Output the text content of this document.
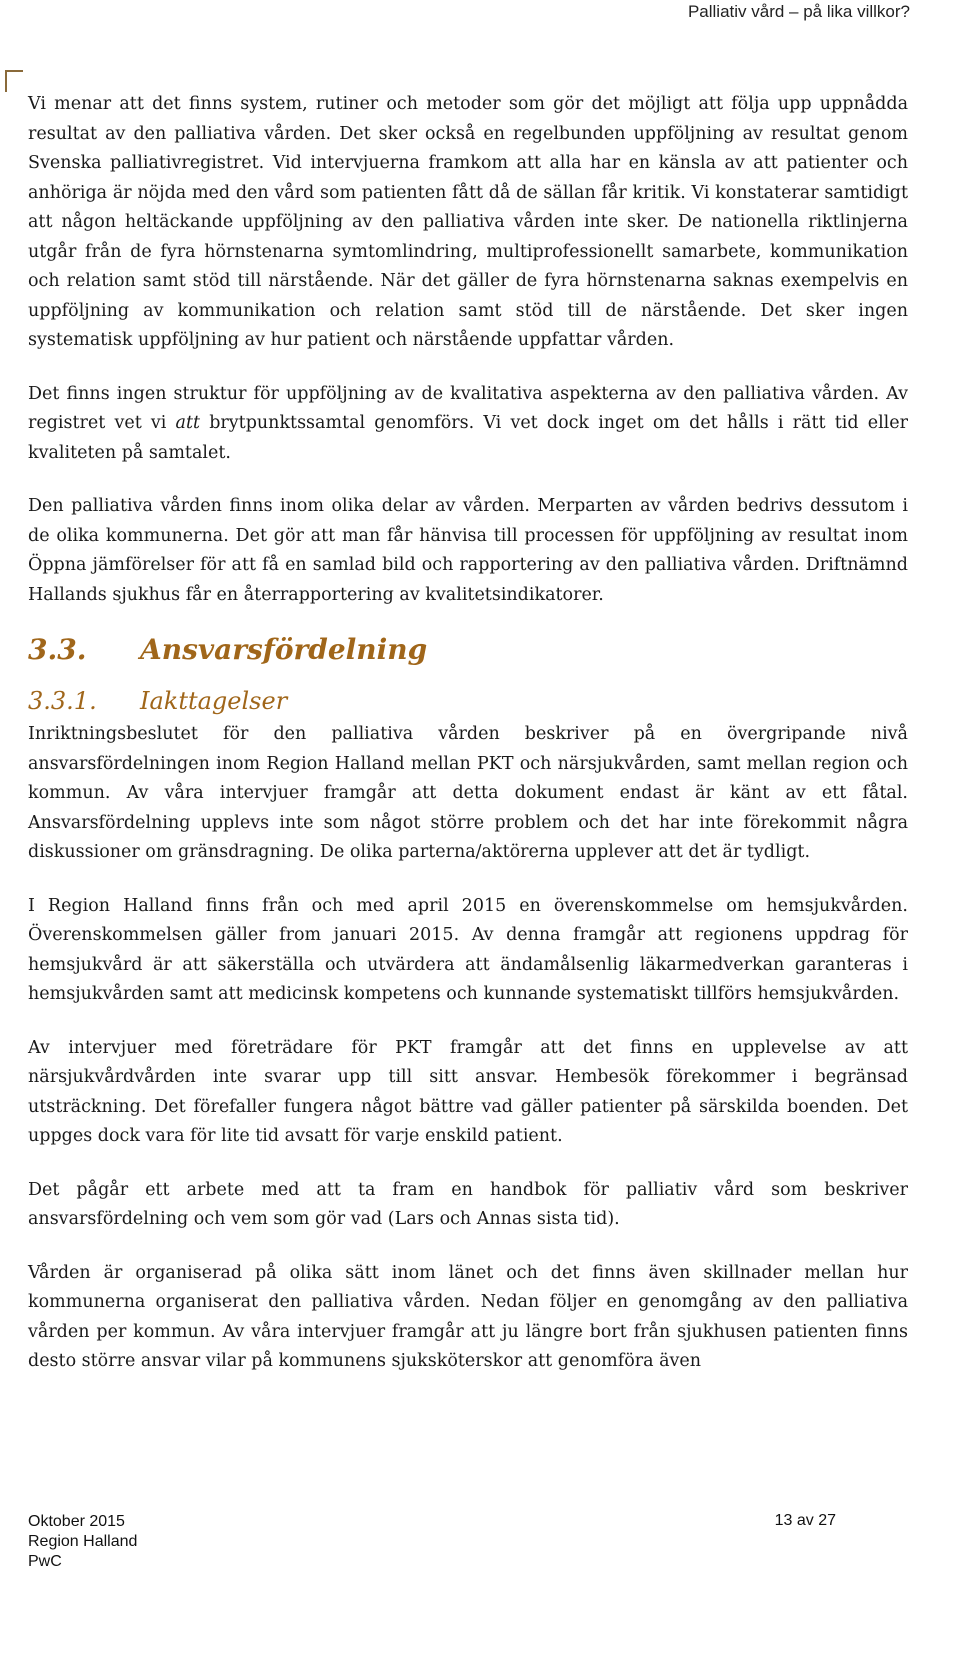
Palliativ vård – på lika villkor?

Vi menar att det finns system, rutiner och metoder som gör det möjligt att följa upp uppnådda resultat av den palliativa vården. Det sker också en regelbunden uppföljning av resultat genom Svenska palliativregistret. Vid intervjuerna framkom att alla har en känsla av att patienter och anhöriga är nöjda med den vård som patienten fått då de sällan får kritik. Vi konstaterar samtidigt att någon heltäckande uppföljning av den palliativa vården inte sker. De nationella riktlinjerna utgår från de fyra hörnstenarna symtomlindring, multiprofessionellt samarbete, kommunikation och relation samt stöd till närstående. När det gäller de fyra hörnstenarna saknas exempelvis en uppföljning av kommunikation och relation samt stöd till de närstående. Det sker ingen systematisk uppföljning av hur patient och närstående uppfattar vården.

Det finns ingen struktur för uppföljning av de kvalitativa aspekterna av den palliativa vården. Av registret vet vi att brytpunktssamtal genomförs. Vi vet dock inget om det hålls i rätt tid eller kvaliteten på samtalet.

Den palliativa vården finns inom olika delar av vården. Merparten av vården bedrivs dessutom i de olika kommunerna. Det gör att man får hänvisa till processen för uppföljning av resultat inom Öppna jämförelser för att få en samlad bild och rapportering av den palliativa vården. Driftnämnd Hallands sjukhus får en återrapportering av kvalitetsindikatorer.

3.3.	Ansvarsfördelning
3.3.1.	Iakttagelser

Inriktningsbeslutet för den palliativa vården beskriver på en övergripande nivå ansvarsfördelningen inom Region Halland mellan PKT och närsjukvården, samt mellan region och kommun. Av våra intervjuer framgår att detta dokument endast är känt av ett fåtal. Ansvarsfördelning upplevs inte som något större problem och det har inte förekommit några diskussioner om gränsdragning. De olika parterna/aktörerna upplever att det är tydligt.

I Region Halland finns från och med april 2015 en överenskommelse om hemsjukvården. Överenskommelsen gäller from januari 2015. Av denna framgår att regionens uppdrag för hemsjukvård är att säkerställa och utvärdera att ändamålsenlig läkarmedverkan garanteras i hemsjukvården samt att medicinsk kompetens och kunnande systematiskt tillförs hemsjukvården.

Av intervjuer med företrädare för PKT framgår att det finns en upplevelse av att närsjukvårdvården inte svarar upp till sitt ansvar. Hembesök förekommer i begränsad utsträckning. Det förefaller fungera något bättre vad gäller patienter på särskilda boenden. Det uppges dock vara för lite tid avsatt för varje enskild patient.

Det pågår ett arbete med att ta fram en handbok för palliativ vård som beskriver ansvarsfördelning och vem som gör vad (Lars och Annas sista tid).

Vården är organiserad på olika sätt inom länet och det finns även skillnader mellan hur kommunerna organiserat den palliativa vården. Nedan följer en genomgång av den palliativa vården per kommun. Av våra intervjuer framgår att ju längre bort från sjukhusen patienten finns desto större ansvar vilar på kommunens sjuksköterskor att genomföra även

Oktober 2015
Region Halland
PwC
13 av 27
